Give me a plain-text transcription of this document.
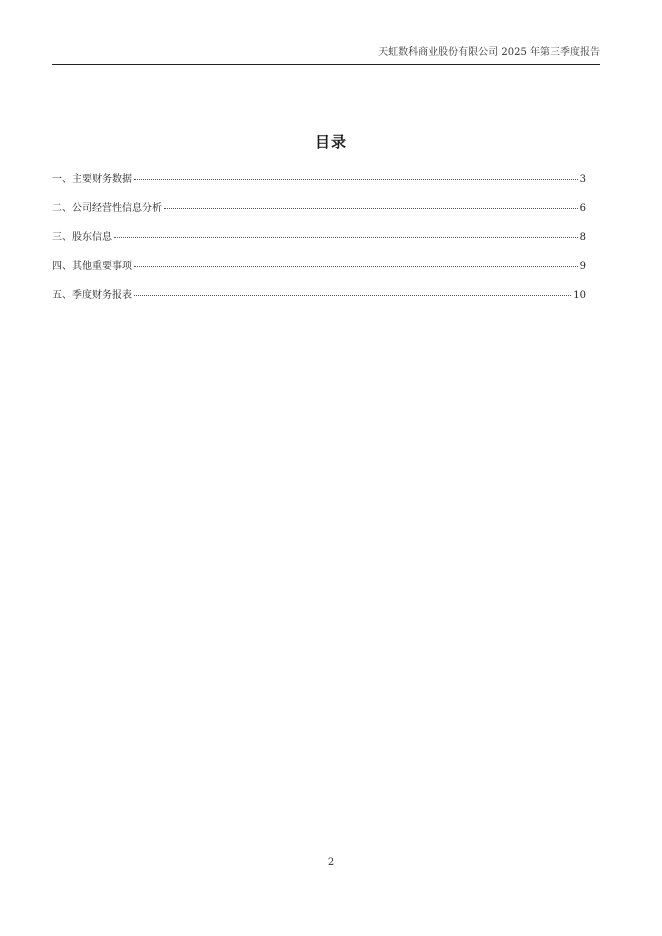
天虹数科商业股份有限公司 2025 年第三季度报告
目录
一、主要财务数据	3
二、公司经营性信息分析	6
三、股东信息	8
四、其他重要事项	9
五、季度财务报表	10
2
